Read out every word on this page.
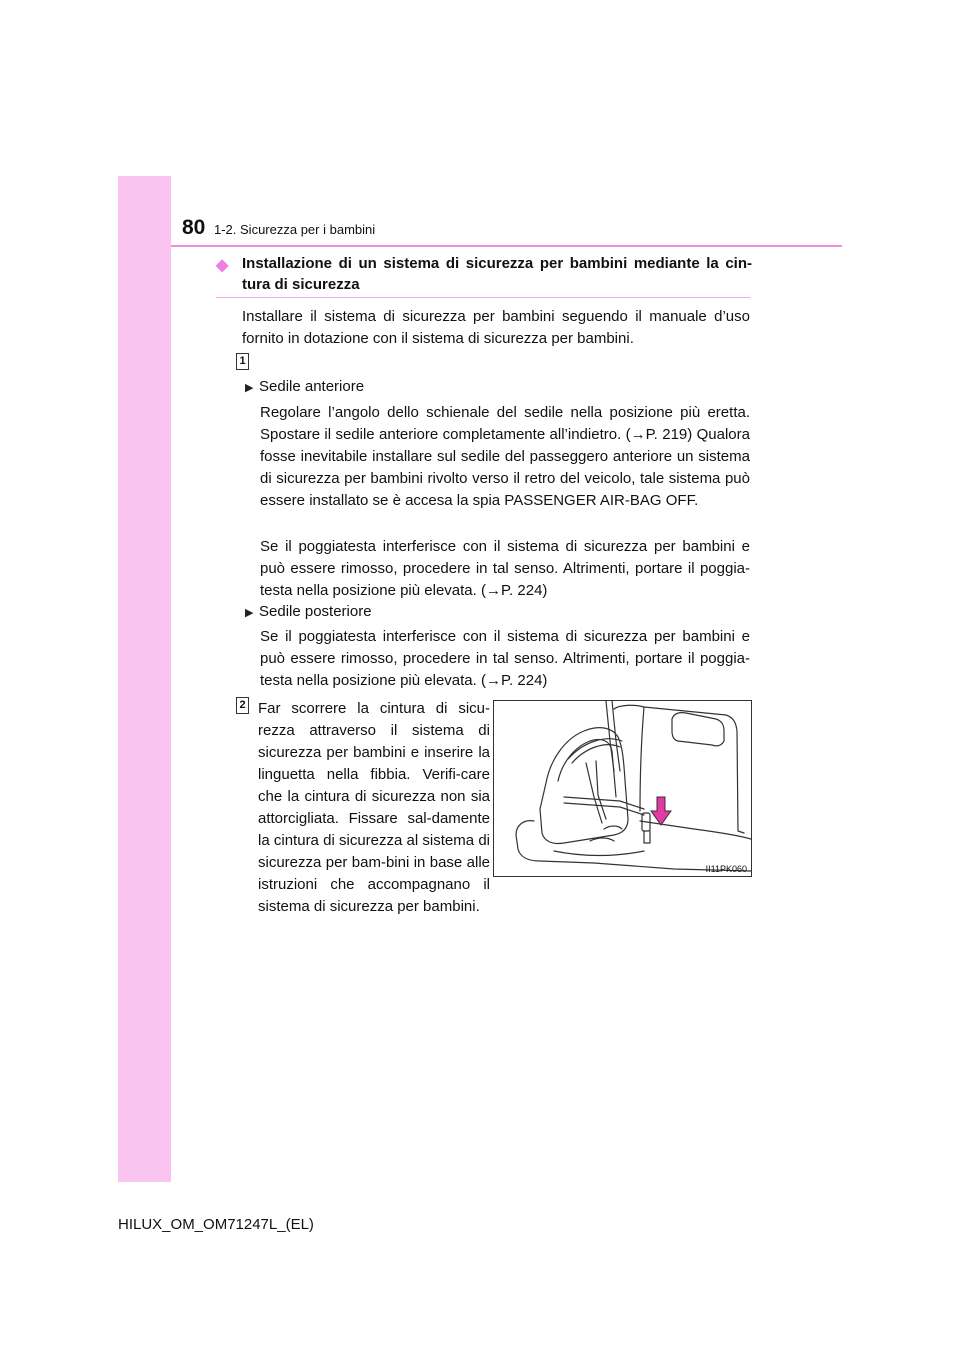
80 1-2. Sicurezza per i bambini
◆ Installazione di un sistema di sicurezza per bambini mediante la cin-tura di sicurezza
Installare il sistema di sicurezza per bambini seguendo il manuale d’uso fornito in dotazione con il sistema di sicurezza per bambini.
1
▶ Sedile anteriore
Regolare l’angolo dello schienale del sedile nella posizione più eretta. Spostare il sedile anteriore completamente all’indietro. (→P. 219) Qualora fosse inevitabile installare sul sedile del passeggero anteriore un sistema di sicurezza per bambini rivolto verso il retro del veicolo, tale sistema può essere installato se è accesa la spia PASSENGER AIR-BAG OFF.
Se il poggiatesta interferisce con il sistema di sicurezza per bambini e può essere rimosso, procedere in tal senso. Altrimenti, portare il poggia-testa nella posizione più elevata. (→P. 224)
▶ Sedile posteriore
Se il poggiatesta interferisce con il sistema di sicurezza per bambini e può essere rimosso, procedere in tal senso. Altrimenti, portare il poggia-testa nella posizione più elevata. (→P. 224)
2 Far scorrere la cintura di sicu-rezza attraverso il sistema di sicurezza per bambini e inserire la linguetta nella fibbia. Verifi-care che la cintura di sicurezza non sia attorcigliata. Fissare sal-damente la cintura di sicurezza al sistema di sicurezza per bam-bini in base alle istruzioni che accompagnano il sistema di sicurezza per bambini.
II11PK060
HILUX_OM_OM71247L_(EL)
